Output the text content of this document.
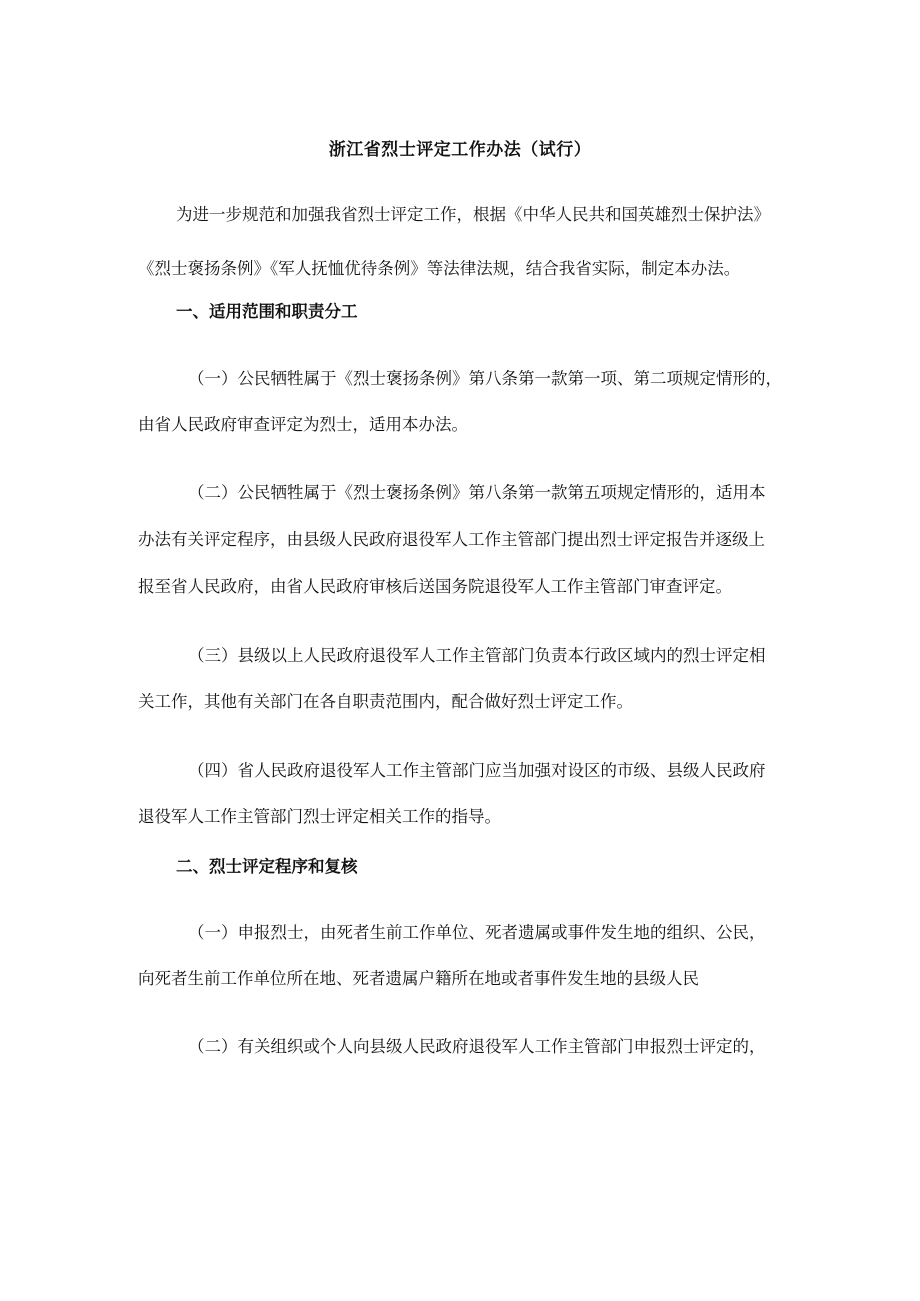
浙江省烈士评定工作办法（试行）
为进一步规范和加强我省烈士评定工作，根据《中华人民共和国英雄烈士保护法》
《烈士褒扬条例》《军人抚恤优待条例》等法律法规，结合我省实际，制定本办法。
一、适用范围和职责分工
（一）公民牺牲属于《烈士褒扬条例》第八条第一款第一项、第二项规定情形的，
由省人民政府审查评定为烈士，适用本办法。
（二）公民牺牲属于《烈士褒扬条例》第八条第一款第五项规定情形的，适用本
办法有关评定程序，由县级人民政府退役军人工作主管部门提出烈士评定报告并逐级上
报至省人民政府，由省人民政府审核后送国务院退役军人工作主管部门审查评定。
（三）县级以上人民政府退役军人工作主管部门负责本行政区域内的烈士评定相
关工作，其他有关部门在各自职责范围内，配合做好烈士评定工作。
（四）省人民政府退役军人工作主管部门应当加强对设区的市级、县级人民政府
退役军人工作主管部门烈士评定相关工作的指导。
二、烈士评定程序和复核
（一）申报烈士，由死者生前工作单位、死者遗属或事件发生地的组织、公民，
向死者生前工作单位所在地、死者遗属户籍所在地或者事件发生地的县级人民
（二）有关组织或个人向县级人民政府退役军人工作主管部门申报烈士评定的，
